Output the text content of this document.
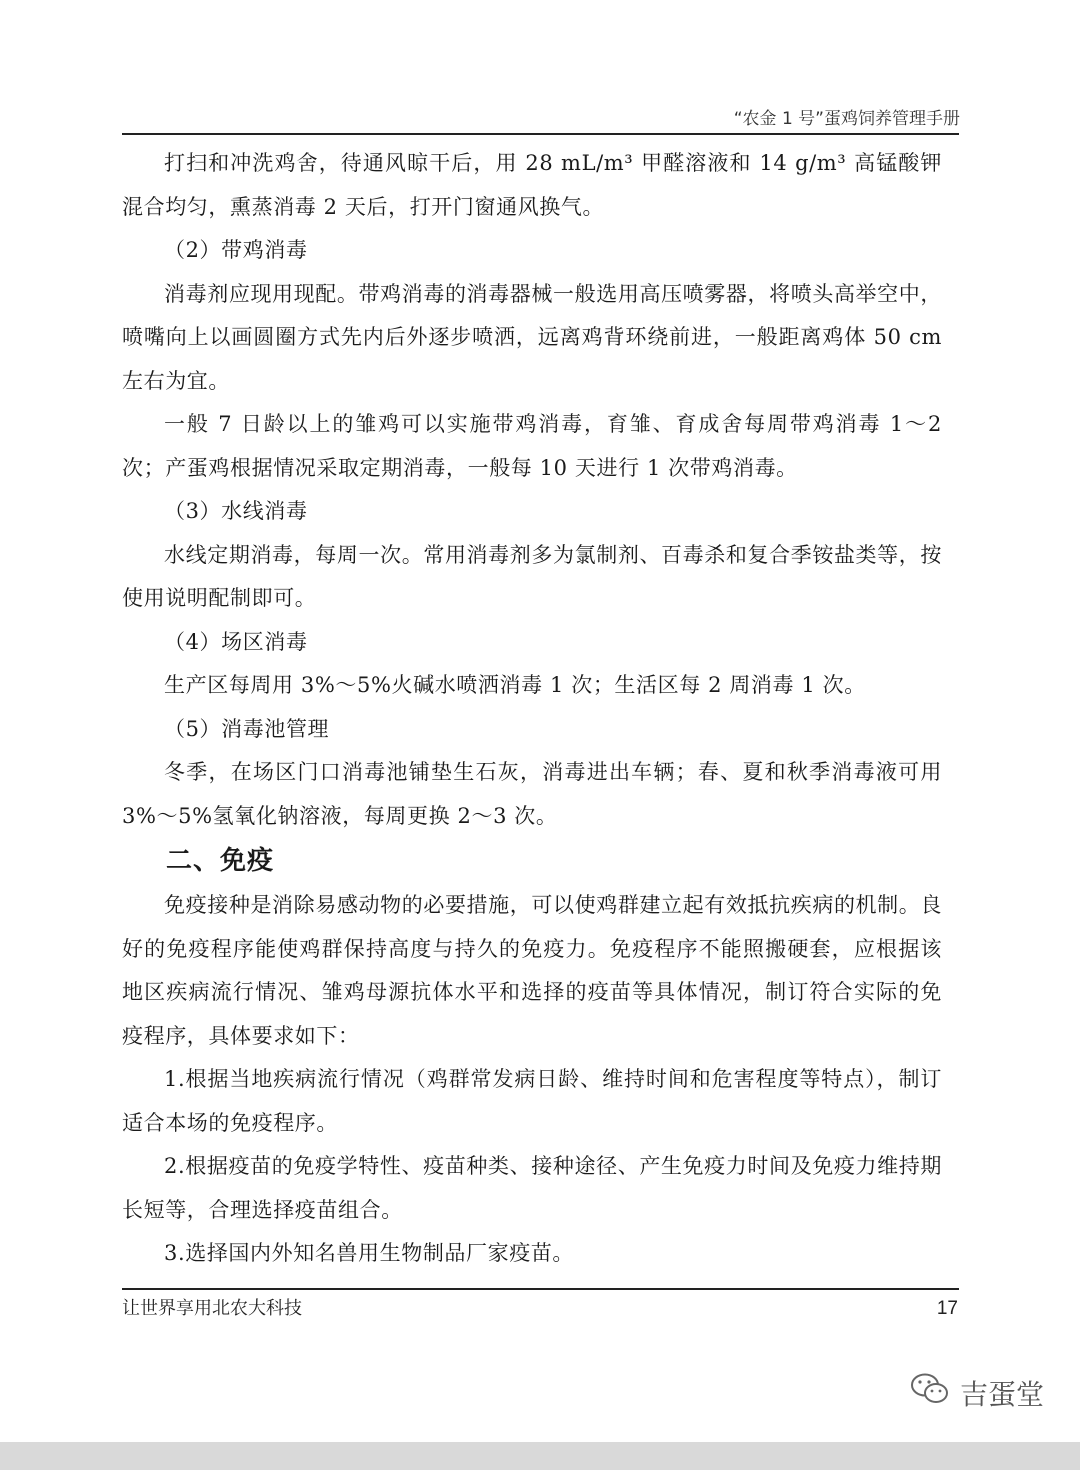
“农金 1 号”蛋鸡饲养管理手册

打扫和冲洗鸡舍，待通风晾干后，用 28 mL/m³ 甲醛溶液和 14 g/m³ 高锰酸钾混合均匀，熏蒸消毒 2 天后，打开门窗通风换气。

（2）带鸡消毒

消毒剂应现用现配。带鸡消毒的消毒器械一般选用高压喷雾器，将喷头高举空中，喷嘴向上以画圆圈方式先内后外逐步喷洒，远离鸡背环绕前进，一般距离鸡体 50 cm 左右为宜。

一般 7 日龄以上的雏鸡可以实施带鸡消毒，育雏、育成舍每周带鸡消毒 1～2 次；产蛋鸡根据情况采取定期消毒，一般每 10 天进行 1 次带鸡消毒。

（3）水线消毒

水线定期消毒，每周一次。常用消毒剂多为氯制剂、百毒杀和复合季铵盐类等，按使用说明配制即可。

（4）场区消毒

生产区每周用 3%～5%火碱水喷洒消毒 1 次；生活区每 2 周消毒 1 次。

（5）消毒池管理

冬季，在场区门口消毒池铺垫生石灰，消毒进出车辆；春、夏和秋季消毒液可用 3%～5%氢氧化钠溶液，每周更换 2～3 次。

二、免疫

免疫接种是消除易感动物的必要措施，可以使鸡群建立起有效抵抗疾病的机制。良好的免疫程序能使鸡群保持高度与持久的免疫力。免疫程序不能照搬硬套，应根据该地区疾病流行情况、雏鸡母源抗体水平和选择的疫苗等具体情况，制订符合实际的免疫程序，具体要求如下：

1.根据当地疾病流行情况（鸡群常发病日龄、维持时间和危害程度等特点），制订适合本场的免疫程序。

2.根据疫苗的免疫学特性、疫苗种类、接种途径、产生免疫力时间及免疫力维持期长短等，合理选择疫苗组合。

3.选择国内外知名兽用生物制品厂家疫苗。

让世界享用北农大科技	17
吉蛋堂
